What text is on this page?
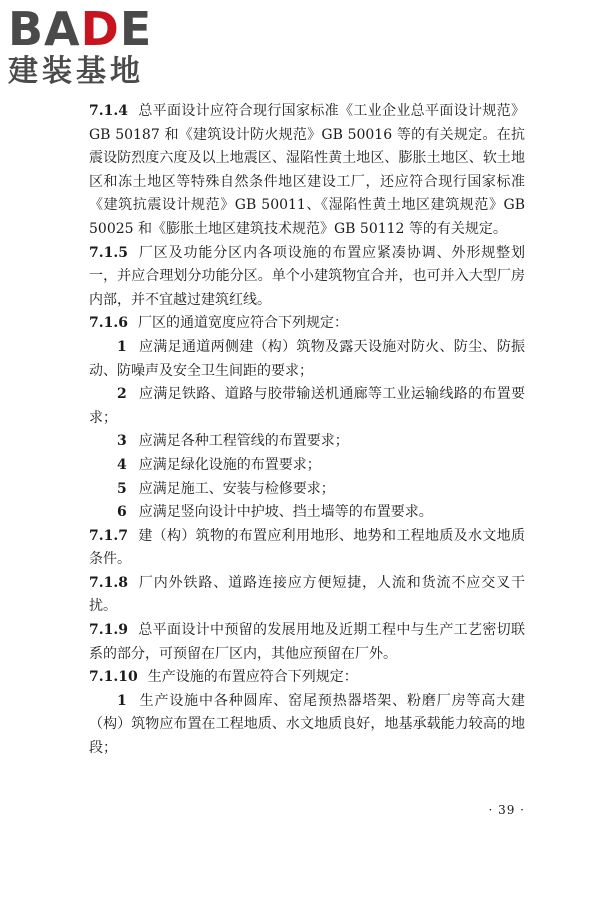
BADE
建装基地

7.1.4 总平面设计应符合现行国家标准《工业企业总平面设计规范》GB 50187 和《建筑设计防火规范》GB 50016 等的有关规定。在抗震设防烈度六度及以上地震区、湿陷性黄土地区、膨胀土地区、软土地区和冻土地区等特殊自然条件地区建设工厂，还应符合现行国家标准《建筑抗震设计规范》GB 50011、《湿陷性黄土地区建筑规范》GB 50025 和《膨胀土地区建筑技术规范》GB 50112 等的有关规定。

7.1.5 厂区及功能分区内各项设施的布置应紧凑协调、外形规整划一，并应合理划分功能分区。单个小建筑物宜合并，也可并入大型厂房内部，并不宜越过建筑红线。

7.1.6 厂区的通道宽度应符合下列规定：

1 应满足通道两侧建（构）筑物及露天设施对防火、防尘、防振动、防噪声及安全卫生间距的要求；

2 应满足铁路、道路与胶带输送机通廊等工业运输线路的布置要求；

3 应满足各种工程管线的布置要求；

4 应满足绿化设施的布置要求；

5 应满足施工、安装与检修要求；

6 应满足竖向设计中护坡、挡土墙等的布置要求。

7.1.7 建（构）筑物的布置应利用地形、地势和工程地质及水文地质条件。

7.1.8 厂内外铁路、道路连接应方便短捷，人流和货流不应交叉干扰。

7.1.9 总平面设计中预留的发展用地及近期工程中与生产工艺密切联系的部分，可预留在厂区内，其他应预留在厂外。

7.1.10 生产设施的布置应符合下列规定：

1 生产设施中各种圆库、窑尾预热器塔架、粉磨厂房等高大建（构）筑物应布置在工程地质、水文地质良好，地基承载能力较高的地段；

· 39 ·
